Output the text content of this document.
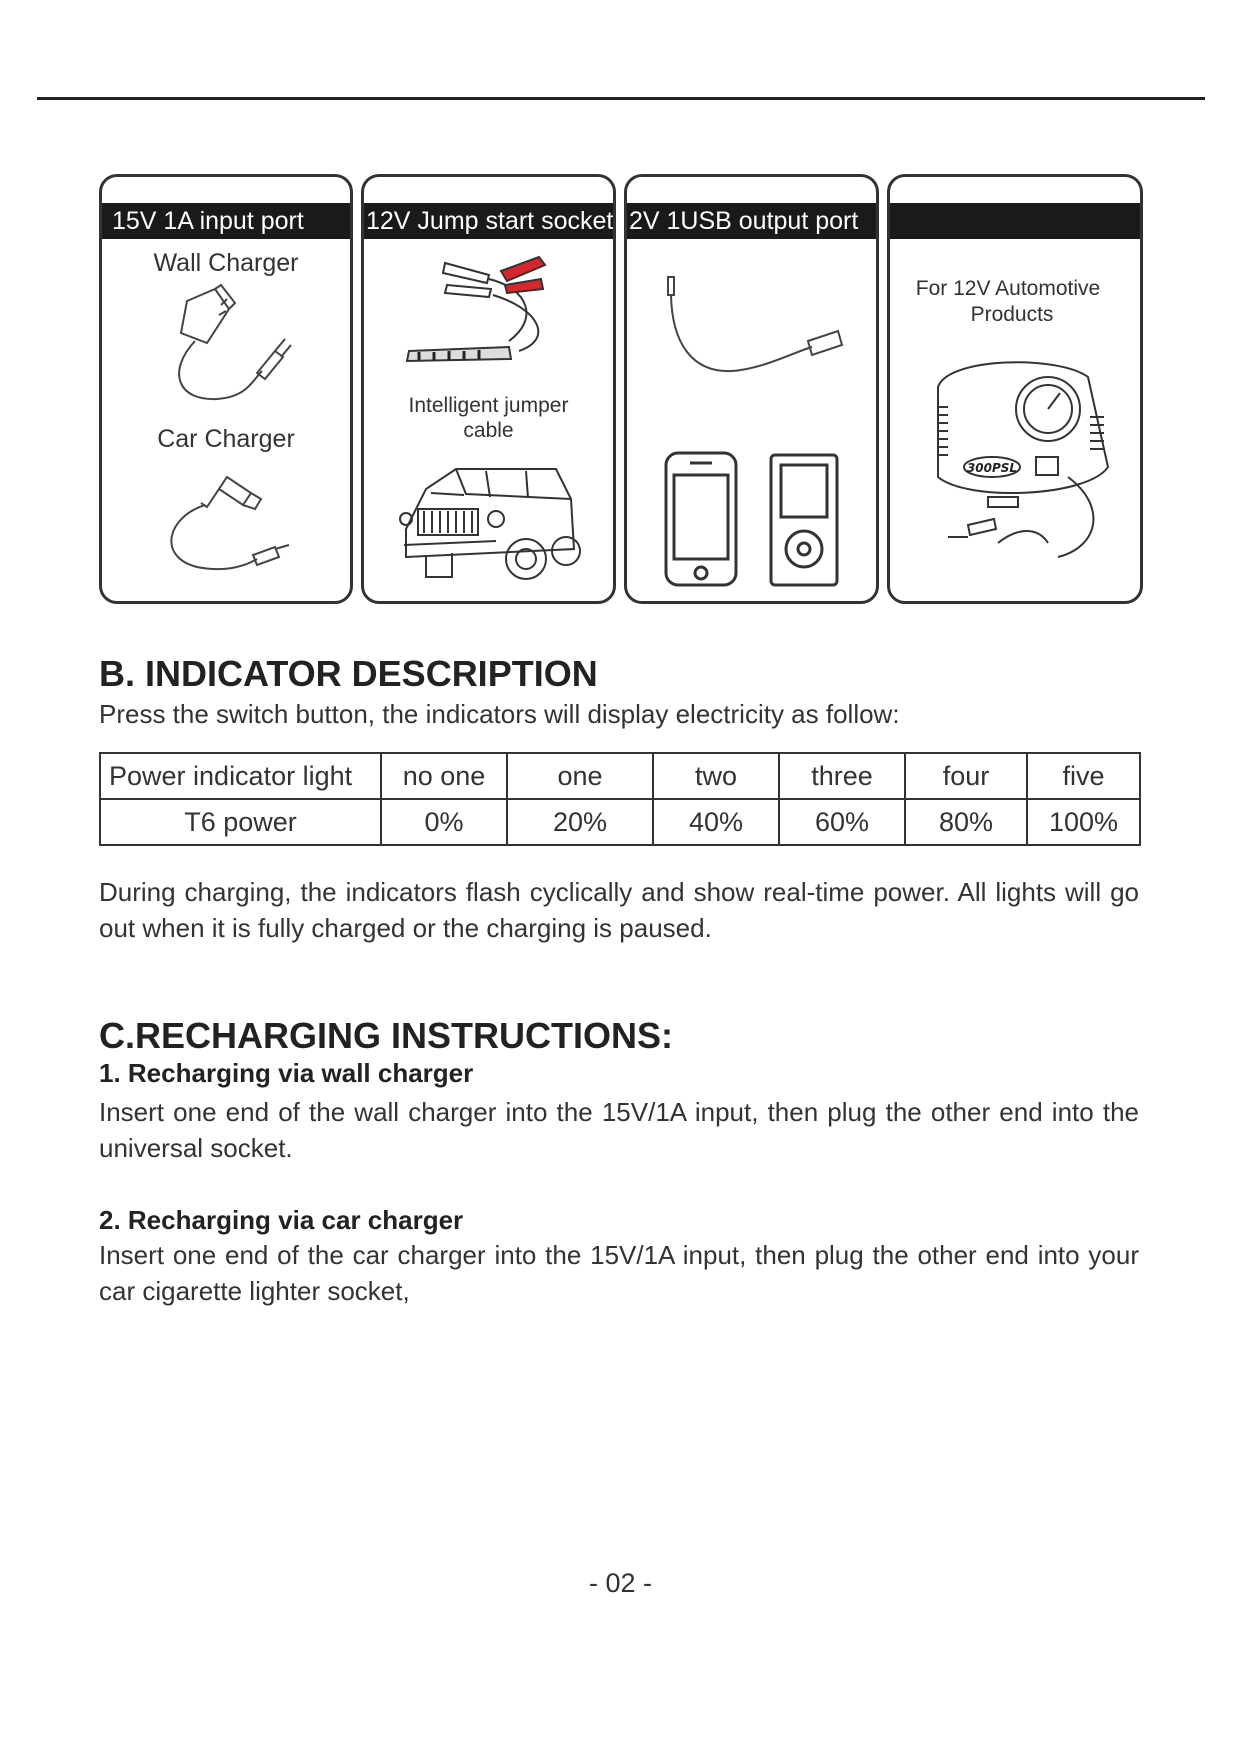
15V 1A input port
Wall Charger
Car Charger
12V Jump start socket
Intelligent jumper
cable
2V 1USB output port
For 12V Automotive
Products
300PSL
B. INDICATOR DESCRIPTION
Press the switch button, the indicators will display electricity as follow:
Power indicator light	no one	one	two	three	four	five
T6 power	0%	20%	40%	60%	80%	100%
During charging, the indicators flash cyclically and show real-time power. All lights will go out when it is fully charged or the charging is paused.
C.RECHARGING INSTRUCTIONS:
1. Recharging via wall charger
Insert one end of the wall charger into the 15V/1A input, then plug the other end into the universal socket.
2. Recharging via car charger
Insert one end of the car charger into the 15V/1A input, then plug the other end into your car cigarette lighter socket,
- 02 -
